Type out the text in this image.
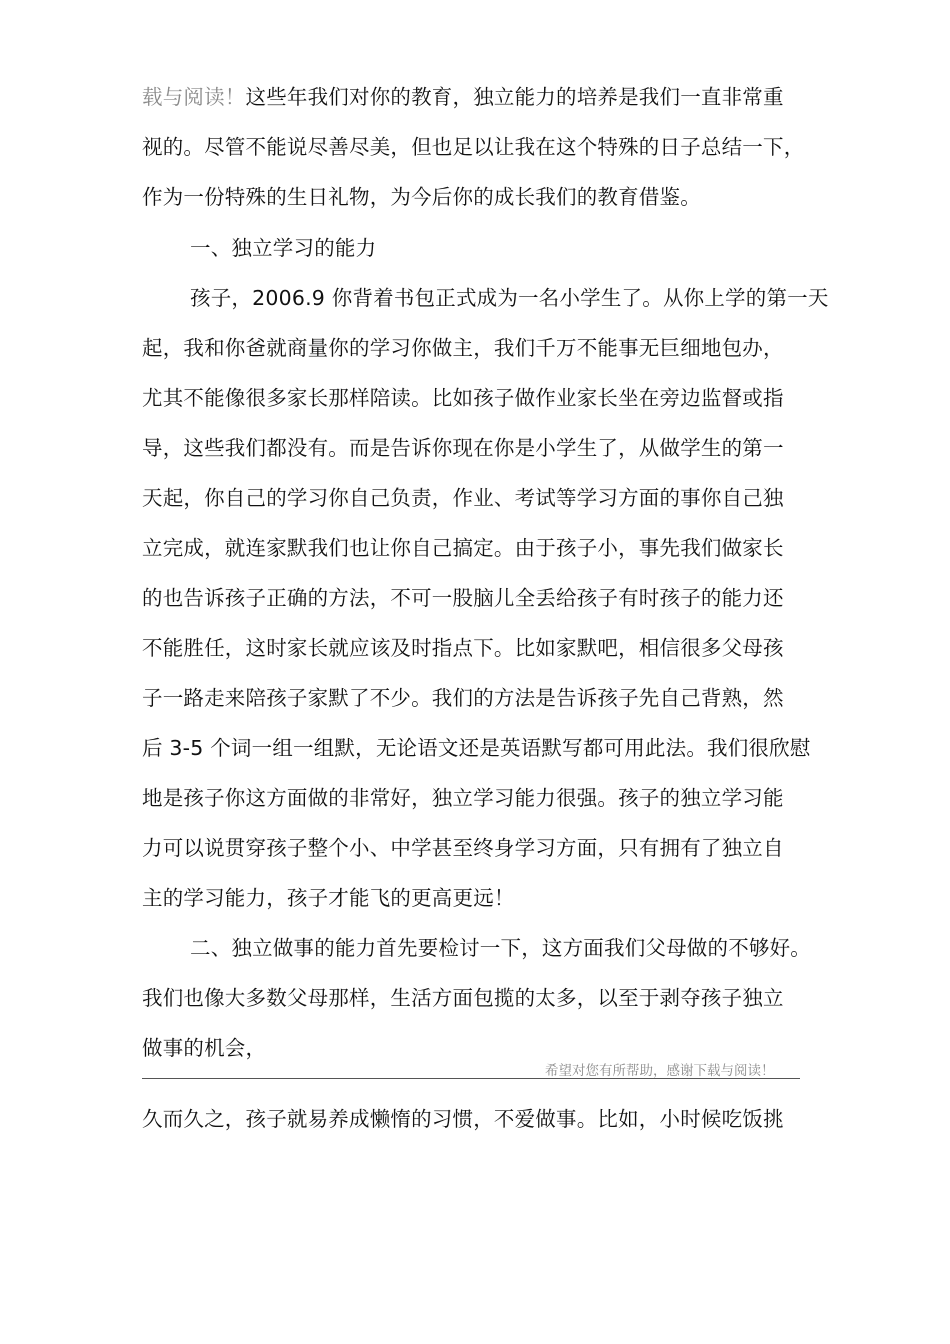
载与阅读！这些年我们对你的教育，独立能力的培养是我们一直非常重
视的。尽管不能说尽善尽美，但也足以让我在这个特殊的日子总结一下，
作为一份特殊的生日礼物，为今后你的成长我们的教育借鉴。
一、独立学习的能力
孩子，2006.9 你背着书包正式成为一名小学生了。从你上学的第一天
起，我和你爸就商量你的学习你做主，我们千万不能事无巨细地包办，
尤其不能像很多家长那样陪读。比如孩子做作业家长坐在旁边监督或指
导，这些我们都没有。而是告诉你现在你是小学生了，从做学生的第一
天起，你自己的学习你自己负责，作业、考试等学习方面的事你自己独
立完成，就连家默我们也让你自己搞定。由于孩子小，事先我们做家长
的也告诉孩子正确的方法，不可一股脑儿全丢给孩子有时孩子的能力还
不能胜任，这时家长就应该及时指点下。比如家默吧，相信很多父母孩
子一路走来陪孩子家默了不少。我们的方法是告诉孩子先自己背熟，然
后 3-5 个词一组一组默，无论语文还是英语默写都可用此法。我们很欣慰
地是孩子你这方面做的非常好，独立学习能力很强。孩子的独立学习能
力可以说贯穿孩子整个小、中学甚至终身学习方面，只有拥有了独立自
主的学习能力，孩子才能飞的更高更远！
二、独立做事的能力首先要检讨一下，这方面我们父母做的不够好。
我们也像大多数父母那样，生活方面包揽的太多，以至于剥夺孩子独立
做事的机会，
希望对您有所帮助，感谢下载与阅读！
久而久之，孩子就易养成懒惰的习惯，不爱做事。比如，小时候吃饭挑
